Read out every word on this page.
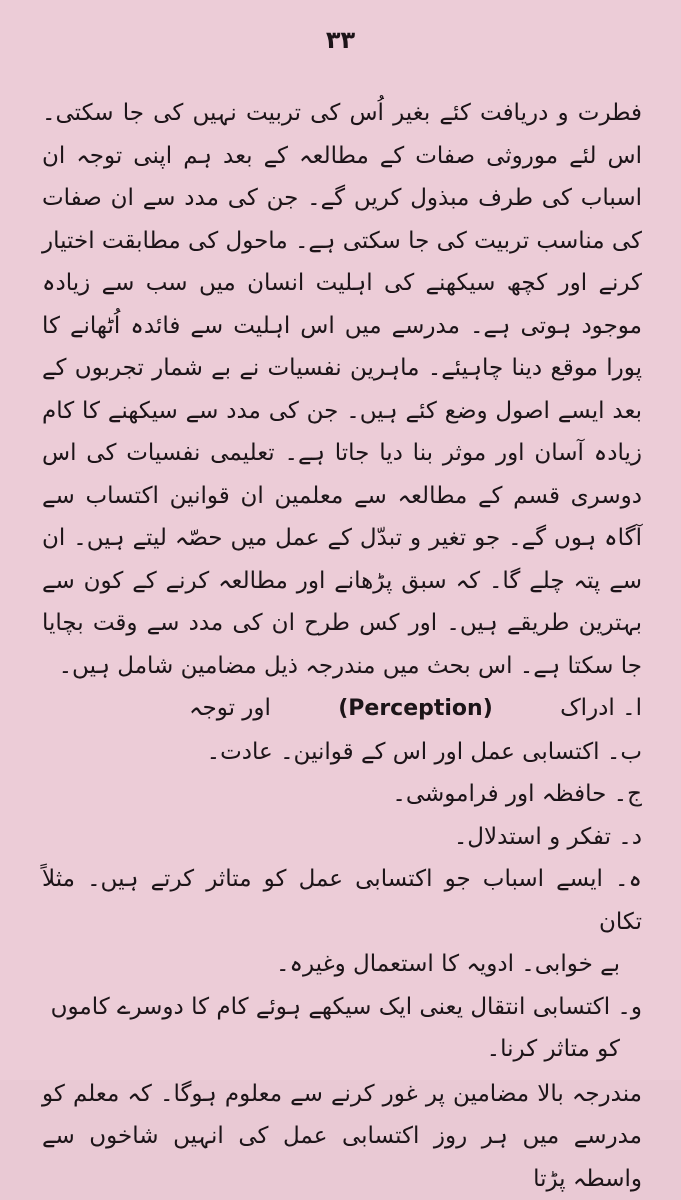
۳۳

فطرت و دریافت کئے بغیر اُس کی تربیت نہیں کی جا سکتی۔ اس لئے موروثی صفات کے مطالعہ کے بعد ہم اپنی توجہ ان اسباب کی طرف مبذول کریں گے۔ جن کی مدد سے ان صفات کی مناسب تربیت کی جا سکتی ہے۔ ماحول کی مطابقت اختیار کرنے اور کچھ سیکھنے کی اہلیت انسان میں سب سے زیادہ موجود ہوتی ہے۔ مدرسے میں اس اہلیت سے فائدہ اُٹھانے کا پورا موقع دینا چاہیئے۔ ماہرین نفسیات نے بے شمار تجربوں کے بعد ایسے اصول وضع کئے ہیں۔ جن کی مدد سے سیکھنے کا کام زیادہ آسان اور موثر بنا دیا جاتا ہے۔ تعلیمی نفسیات کی اس دوسری قسم کے مطالعہ سے معلمین ان قوانین اکتساب سے آگاہ ہوں گے۔ جو تغیر و تبدّل کے عمل میں حصّہ لیتے ہیں۔ ان سے پتہ چلے گا۔ کہ سبق پڑھانے اور مطالعہ کرنے کے کون سے بہترین طریقے ہیں۔ اور کس طرح ان کی مدد سے وقت بچایا جا سکتا ہے۔ اس بحث میں مندرجہ ذیل مضامین شامل ہیں۔

ا۔ ادراک (Perception) اور توجہ
ب۔ اکتسابی عمل اور اس کے قوانین۔ عادت۔
ج۔ حافظہ اور فراموشی۔
د۔ تفکر و استدلال۔
ہ۔ ایسے اسباب جو اکتسابی عمل کو متاثر کرتے ہیں۔ مثلاً تکان
بے خوابی۔ ادویہ کا استعمال وغیرہ۔
و۔ اکتسابی انتقال یعنی ایک سیکھے ہوئے کام کا دوسرے کاموں
کو متاثر کرنا۔

مندرجہ بالا مضامین پر غور کرنے سے معلوم ہوگا۔ کہ معلم کو مدرسے میں ہر روز اکتسابی عمل کی انہیں شاخوں سے واسطہ پڑتا
